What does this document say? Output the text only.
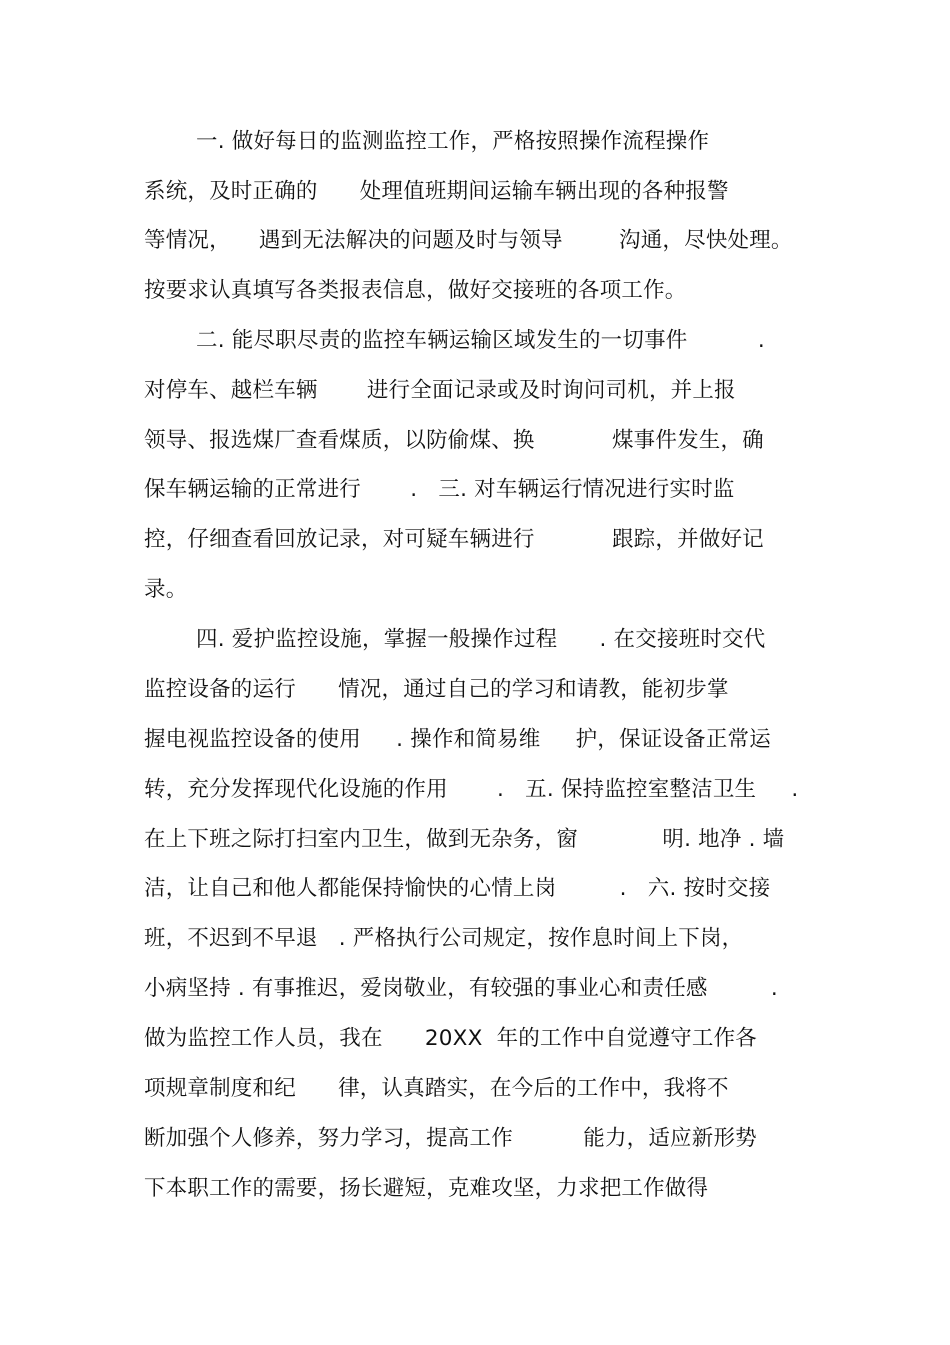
一. 做好每日的监测监控工作，严格按照操作流程操作
系统，及时正确的      处理值班期间运输车辆出现的各种报警
等情况，    遇到无法解决的问题及时与领导        沟通，尽快处理。
按要求认真填写各类报表信息，做好交接班的各项工作。
二. 能尽职尽责的监控车辆运输区域发生的一切事件          .
对停车、越栏车辆       进行全面记录或及时询问司机，并上报
领导、报选煤厂查看煤质，以防偷煤、换           煤事件发生，确
保车辆运输的正常进行       .   三. 对车辆运行情况进行实时监
控，仔细查看回放记录，对可疑车辆进行           跟踪，并做好记
录。
四. 爱护监控设施，掌握一般操作过程      . 在交接班时交代
监控设备的运行      情况，通过自己的学习和请教，能初步掌
握电视监控设备的使用     . 操作和简易维     护，保证设备正常运
转，充分发挥现代化设施的作用       .   五. 保持监控室整洁卫生     .
在上下班之际打扫室内卫生，做到无杂务，窗            明. 地净 . 墙
洁，让自己和他人都能保持愉快的心情上岗         .   六. 按时交接
班，不迟到不早退   . 严格执行公司规定，按作息时间上下岗，
小病坚持 . 有事推迟，爱岗敬业，有较强的事业心和责任感         .
做为监控工作人员，我在      20XX  年的工作中自觉遵守工作各
项规章制度和纪      律，认真踏实，在今后的工作中，我将不
断加强个人修养，努力学习，提高工作          能力，适应新形势
下本职工作的需要，扬长避短，克难攻坚，力求把工作做得
